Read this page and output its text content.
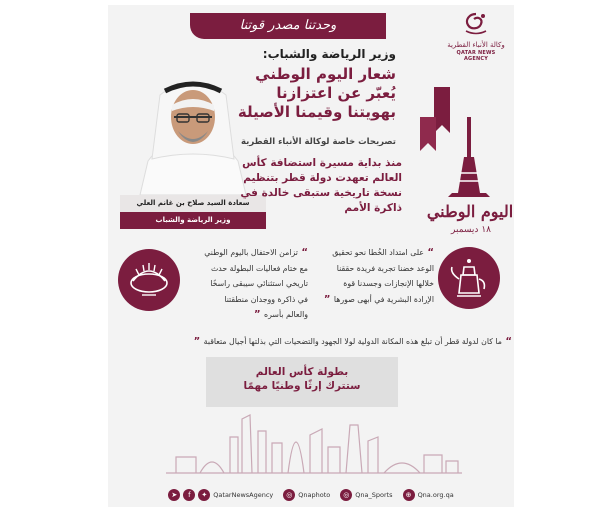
وحدتنا مصدر قوتنا
وكالة الأنباء القطرية
QATAR NEWS AGENCY
وزير الرياضة والشباب:
شعار اليوم الوطني
يُعبّر عن اعتزازنا
بهويتنا وقيمنا الأصيلة
سعادة السيد صلاح بن غانم العلي
وزير الرياضة والشباب	اليوم الوطني
١٨ ديسمبر
تصريحات خاصة لوكالة الأنباء القطرية
منذ بداية مسيرة استضافة كأس
العالم تعهدت دولة قطر بتنظيم
نسخة تاريخية ستبقى خالدة في
ذاكرة الأمم
“ تزامن الاحتفال باليوم الوطني
مع ختام فعاليات البطولة حدث
تاريخي استثنائي سيبقى راسخًا
في ذاكرة ووجدان منطقتنا
والعالم بأسره ”
“ على امتداد الخُطا نحو تحقيق
الوعد خضنا تجربة فريدة حققنا
خلالها الإنجازات وجسدنا قوة
الإرادة البشرية في أبهى صورها ”
“ ما كان لدولة قطر أن تبلغ هذه المكانة الدولية لولا الجهود والتضحيات التي بذلتها أجيال متعاقبة ”
بطولة كأس العالم
ستترك إرثًا وطنيًا مهمًا
➤	f	✦ QatarNewsAgency	◎ Qnaphoto	◎ Qna_Sports	⊕ Qna.org.qa
